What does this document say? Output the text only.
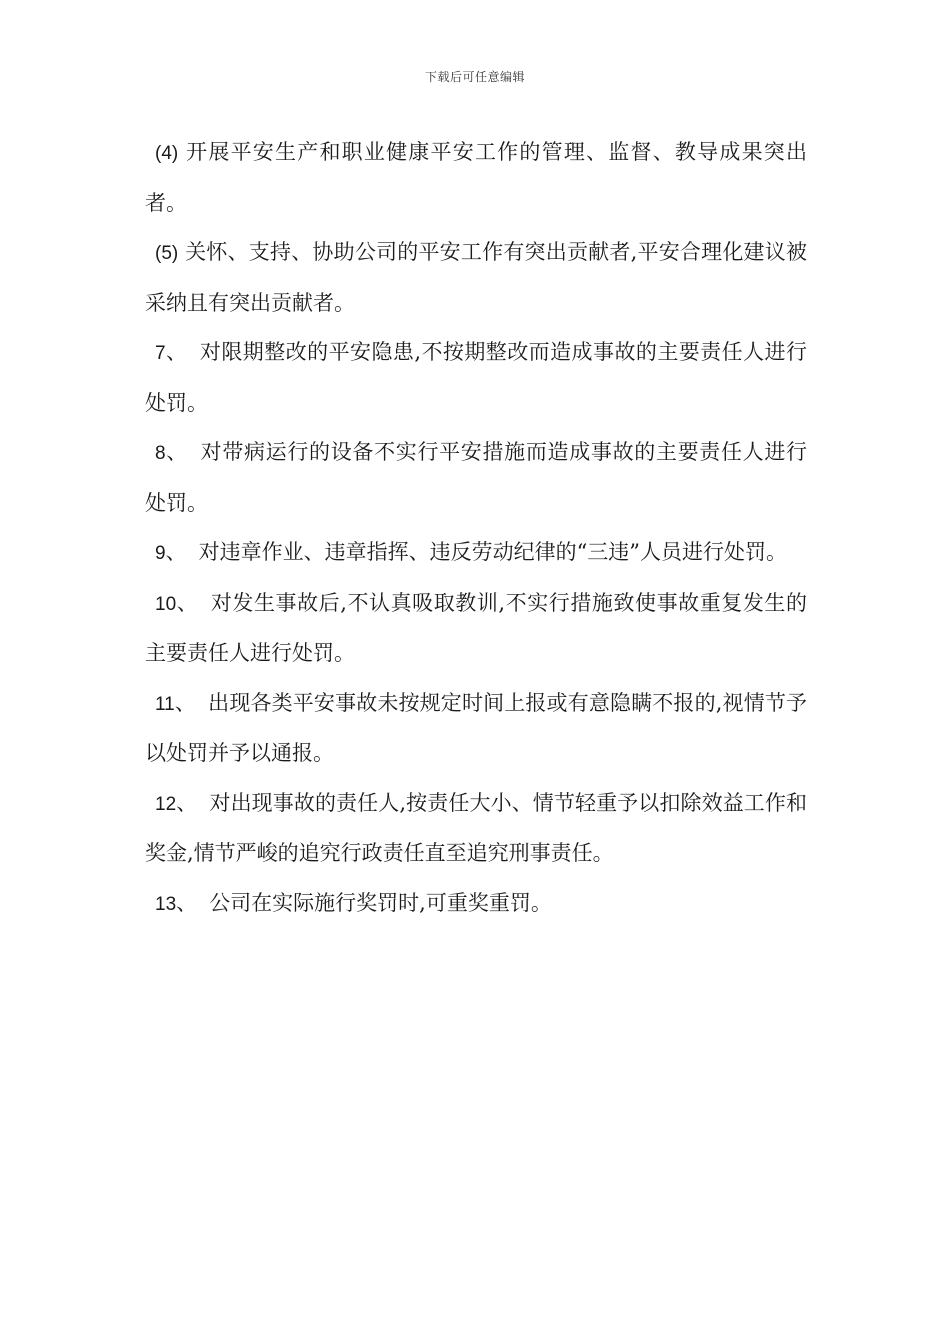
下载后可任意编辑

(4) 开展平安生产和职业健康平安工作的管理、监督、教导成果突出者。

(5) 关怀、支持、协助公司的平安工作有突出贡献者,平安合理化建议被采纳且有突出贡献者。

7、 对限期整改的平安隐患,不按期整改而造成事故的主要责任人进行处罚。

8、 对带病运行的设备不实行平安措施而造成事故的主要责任人进行处罚。

9、 对违章作业、违章指挥、违反劳动纪律的“三违”人员进行处罚。

10、 对发生事故后,不认真吸取教训,不实行措施致使事故重复发生的主要责任人进行处罚。

11、 出现各类平安事故未按规定时间上报或有意隐瞒不报的,视情节予以处罚并予以通报。

12、 对出现事故的责任人,按责任大小、情节轻重予以扣除效益工作和奖金,情节严峻的追究行政责任直至追究刑事责任。

13、 公司在实际施行奖罚时,可重奖重罚。
